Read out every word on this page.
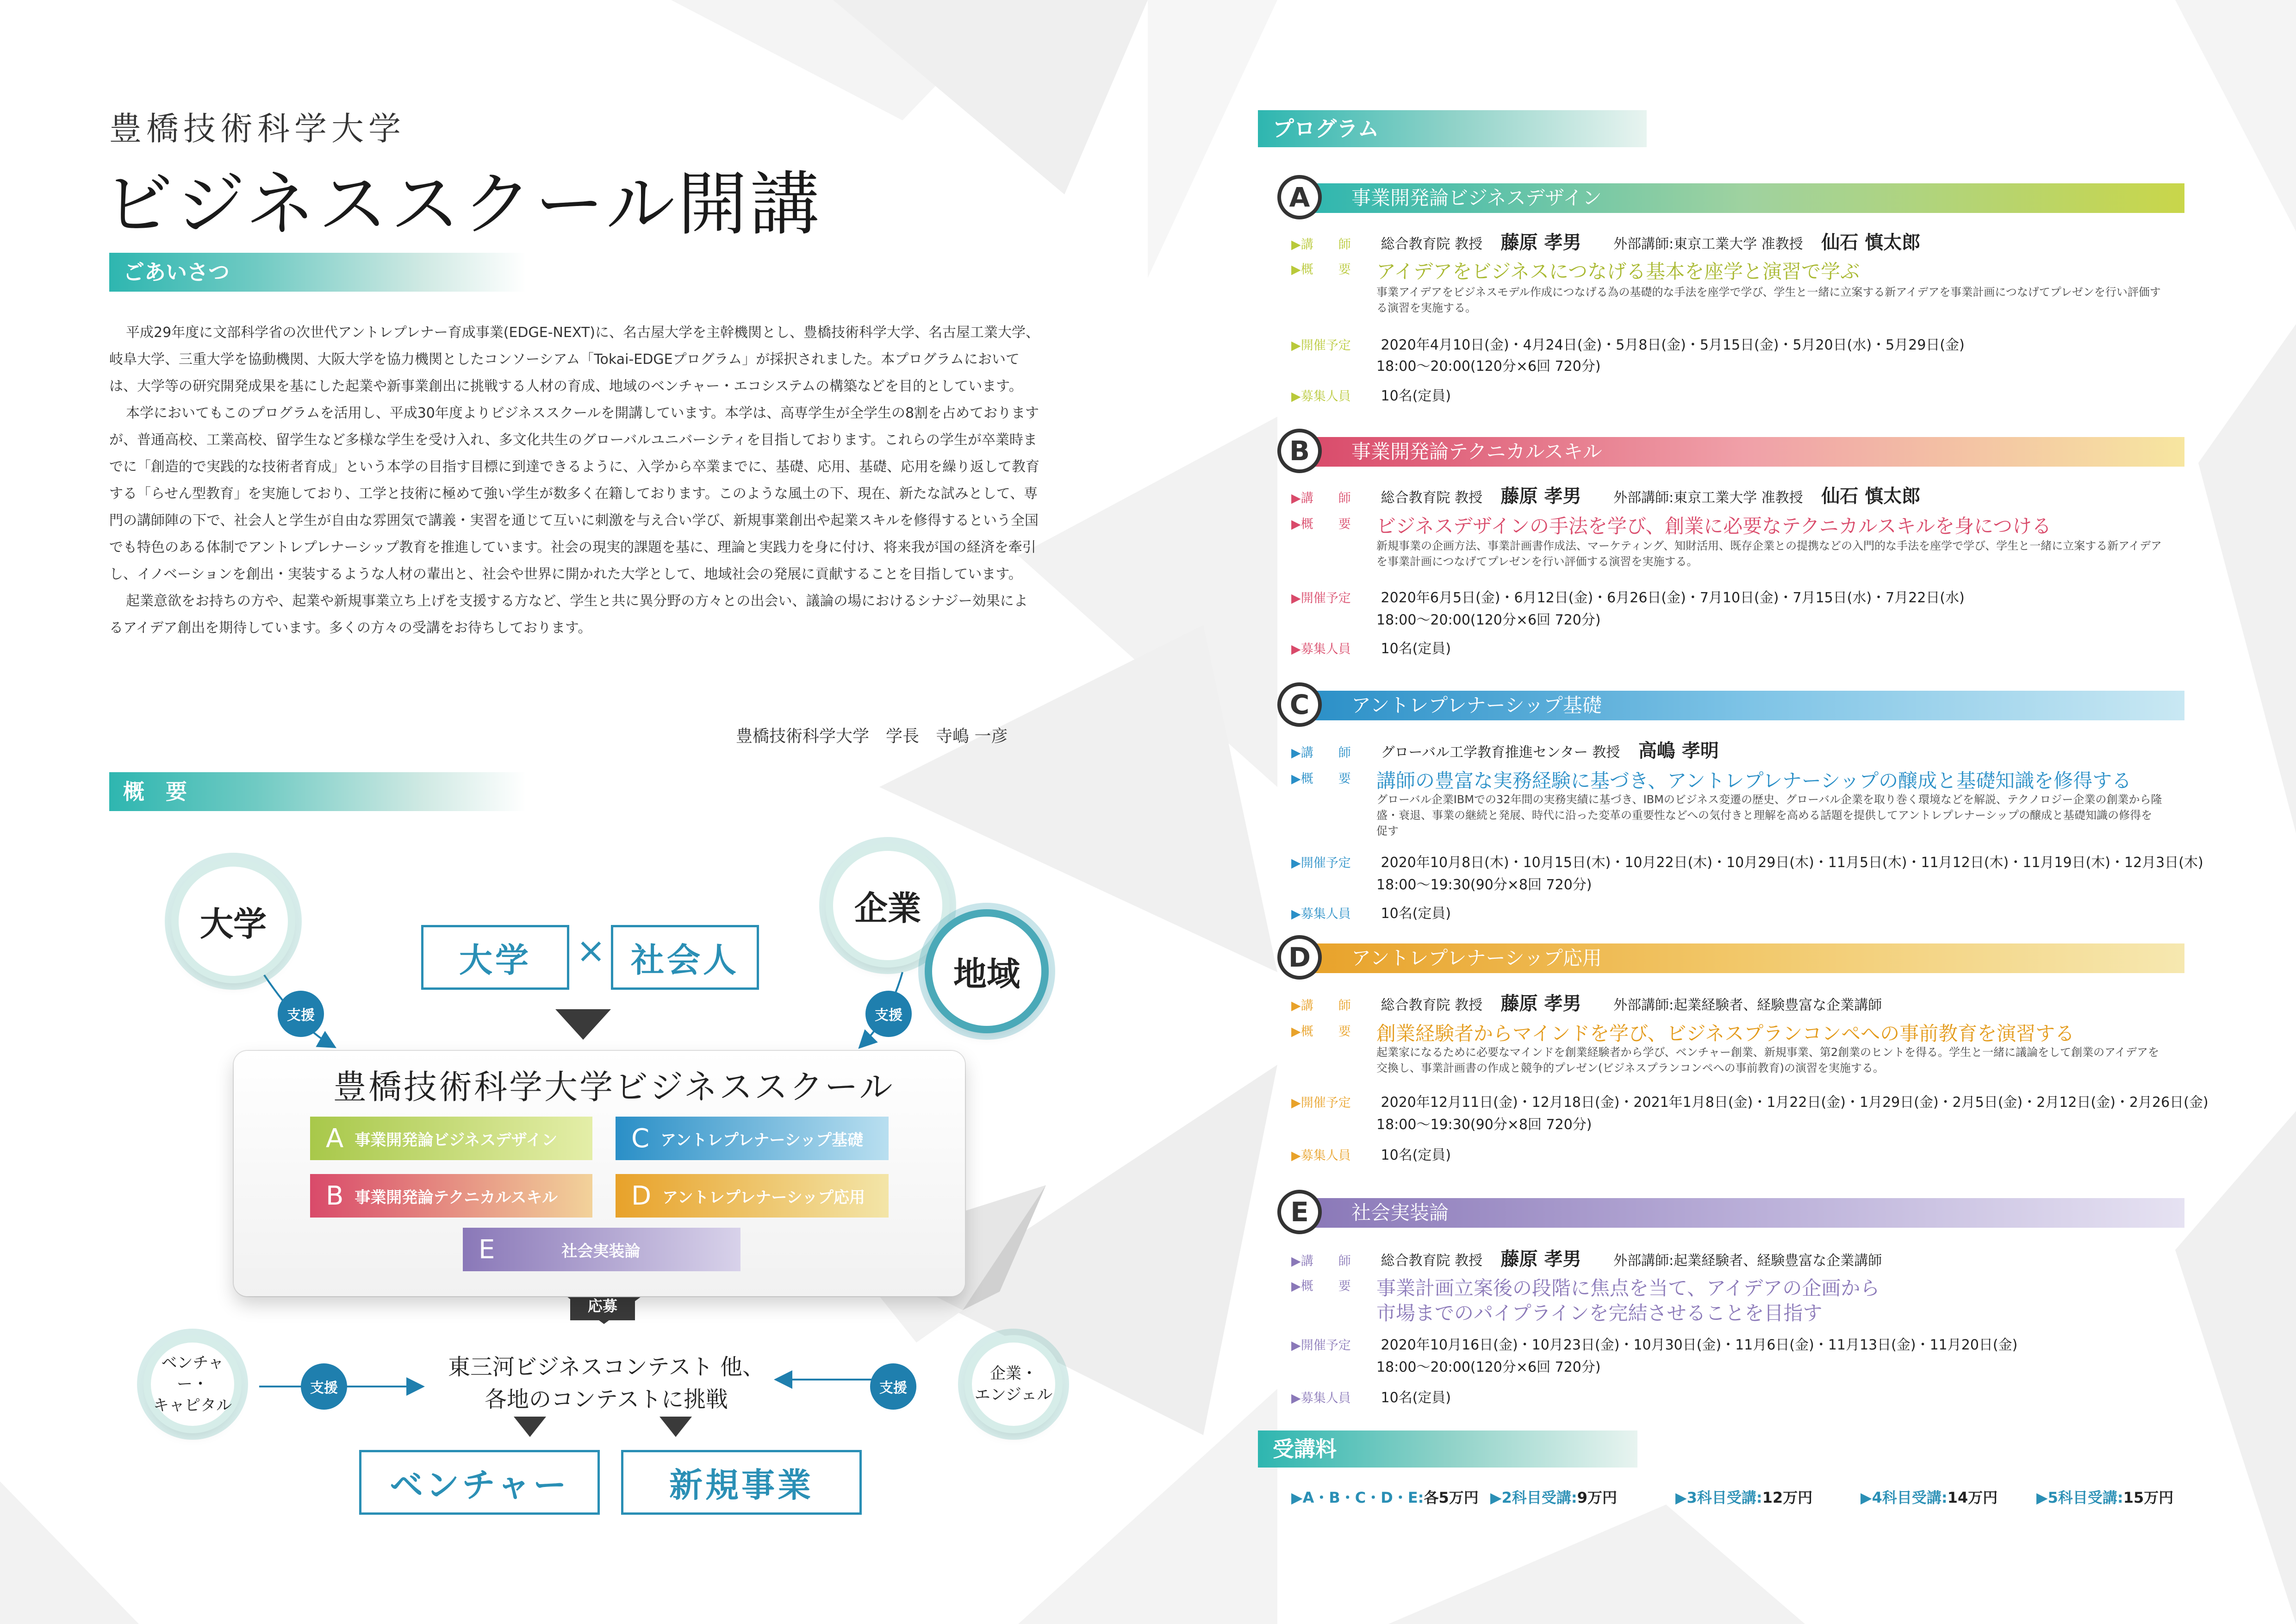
豊橋技術科学大学
ビジネススクール開講
ごあいさつ

平成29年度に文部科学省の次世代アントレプレナー育成事業(EDGE-NEXT)に、名古屋大学を主幹機関とし、豊橋技術科学大学、名古屋工業大学、岐阜大学、三重大学を協動機関、大阪大学を協力機関としたコンソーシアム「Tokai-EDGEプログラム」が採択されました。本プログラムにおいては、大学等の研究開発成果を基にした起業や新事業創出に挑戦する人材の育成、地域のベンチャー・エコシステムの構築などを目的としています。

本学においてもこのプログラムを活用し、平成30年度よりビジネススクールを開講しています。本学は、高専学生が全学生の8割を占めておりますが、普通高校、工業高校、留学生など多様な学生を受け入れ、多文化共生のグローバルユニバーシティを目指しております。これらの学生が卒業時までに「創造的で実践的な技術者育成」という本学の目指す目標に到達できるように、入学から卒業までに、基礎、応用、基礎、応用を繰り返して教育する「らせん型教育」を実施しており、工学と技術に極めて強い学生が数多く在籍しております。このような風土の下、現在、新たな試みとして、専門の講師陣の下で、社会人と学生が自由な雰囲気で講義・実習を通じて互いに刺激を与え合い学び、新規事業創出や起業スキルを修得するという全国でも特色のある体制でアントレプレナーシップ教育を推進しています。社会の現実的課題を基に、理論と実践力を身に付け、将来我が国の経済を牽引し、イノベーションを創出・実装するような人材の輩出と、社会や世界に開かれた大学として、地域社会の発展に貢献することを目指しています。

起業意欲をお持ちの方や、起業や新規事業立ち上げを支援する方など、学生と共に異分野の方々との出会い、議論の場におけるシナジー効果によるアイデア創出を期待しています。多くの方々の受講をお待ちしております。

豊橋技術科学大学　学長　寺嶋 一彦
概　要
大学	企業
地域
支援	支援
大学	× 社会人
豊橋技術科学大学ビジネススクール
A 事業開発論ビジネスデザイン	C アントレプレナーシップ基礎
B 事業開発論テクニカルスキル	D アントレプレナーシップ応用
E	社会実装論
応募
ベンチャー・
キャピタル
支援
東三河ビジネスコンテスト 他、
各地のコンテストに挑戦	支援
企業・
エンジェル
ベンチャー	新規事業
プログラム
事業開発論ビジネスデザイン
A
▶講　　師 総合教育院 教授　 藤原 孝男　　 外部講師:東京工業大学 准教授　 仙石 慎太郎
▶概　　要	アイデアをビジネスにつなげる基本を座学と演習で学ぶ
事業アイデアをビジネスモデル作成につなげる為の基礎的な手法を座学で学び、学生と一緒に立案する新アイデアを事業計画につなげてプレゼンを行い評価する演習を実施する。
▶開催予定 2020年4月10日(金)・4月24日(金)・5月8日(金)・5月15日(金)・5月20日(水)・5月29日(金)
18:00～20:00(120分×6回 720分)
▶募集人員 10名(定員)
事業開発論テクニカルスキル
B
▶講　　師 総合教育院 教授　 藤原 孝男　　 外部講師:東京工業大学 准教授　 仙石 慎太郎
▶概　　要	ビジネスデザインの手法を学び、創業に必要なテクニカルスキルを身につける
新規事業の企画方法、事業計画書作成法、マーケティング、知財活用、既存企業との提携などの入門的な手法を座学で学び、学生と一緒に立案する新アイデアを事業計画につなげてプレゼンを行い評価する演習を実施する。
▶開催予定 2020年6月5日(金)・6月12日(金)・6月26日(金)・7月10日(金)・7月15日(水)・7月22日(水)
18:00～20:00(120分×6回 720分)
▶募集人員 10名(定員)
アントレプレナーシップ基礎
C
▶講　　師 グローバル工学教育推進センター 教授　 高嶋 孝明
▶概　　要	講師の豊富な実務経験に基づき、アントレプレナーシップの醸成と基礎知識を修得する
グローバル企業IBMでの32年間の実務実績に基づき、IBMのビジネス変遷の歴史、グローバル企業を取り巻く環境などを解説、テクノロジー企業の創業から隆盛・衰退、事業の継続と発展、時代に沿った変革の重要性などへの気付きと理解を高める話題を提供してアントレプレナーシップの醸成と基礎知識の修得を促す
▶開催予定 2020年10月8日(木)・10月15日(木)・10月22日(木)・10月29日(木)・11月5日(木)・11月12日(木)・11月19日(木)・12月3日(木)
18:00～19:30(90分×8回 720分)
▶募集人員 10名(定員)
アントレプレナーシップ応用
D
▶講　　師 総合教育院 教授　 藤原 孝男　　 外部講師:起業経験者、経験豊富な企業講師
▶概　　要	創業経験者からマインドを学び、ビジネスプランコンペへの事前教育を演習する
起業家になるために必要なマインドを創業経験者から学び、ベンチャー創業、新規事業、第2創業のヒントを得る。学生と一緒に議論をして創業のアイデアを交換し、事業計画書の作成と競争的プレゼン(ビジネスプランコンペへの事前教育)の演習を実施する。
▶開催予定 2020年12月11日(金)・12月18日(金)・2021年1月8日(金)・1月22日(金)・1月29日(金)・2月5日(金)・2月12日(金)・2月26日(金)
18:00～19:30(90分×8回 720分)
▶募集人員 10名(定員)
社会実装論
E
▶講　　師 総合教育院 教授　 藤原 孝男　　 外部講師:起業経験者、経験豊富な企業講師
▶概　　要	事業計画立案後の段階に焦点を当て、アイデアの企画から
市場までのパイプラインを完結させることを目指す
▶開催予定 2020年10月16日(金)・10月23日(金)・10月30日(金)・11月6日(金)・11月13日(金)・11月20日(金)
18:00～20:00(120分×6回 720分)
▶募集人員 10名(定員)
受講料
▶A・B・C・D・E:各5万円 ▶2科目受講:9万円	▶3科目受講:12万円	▶4科目受講:14万円	▶5科目受講:15万円
